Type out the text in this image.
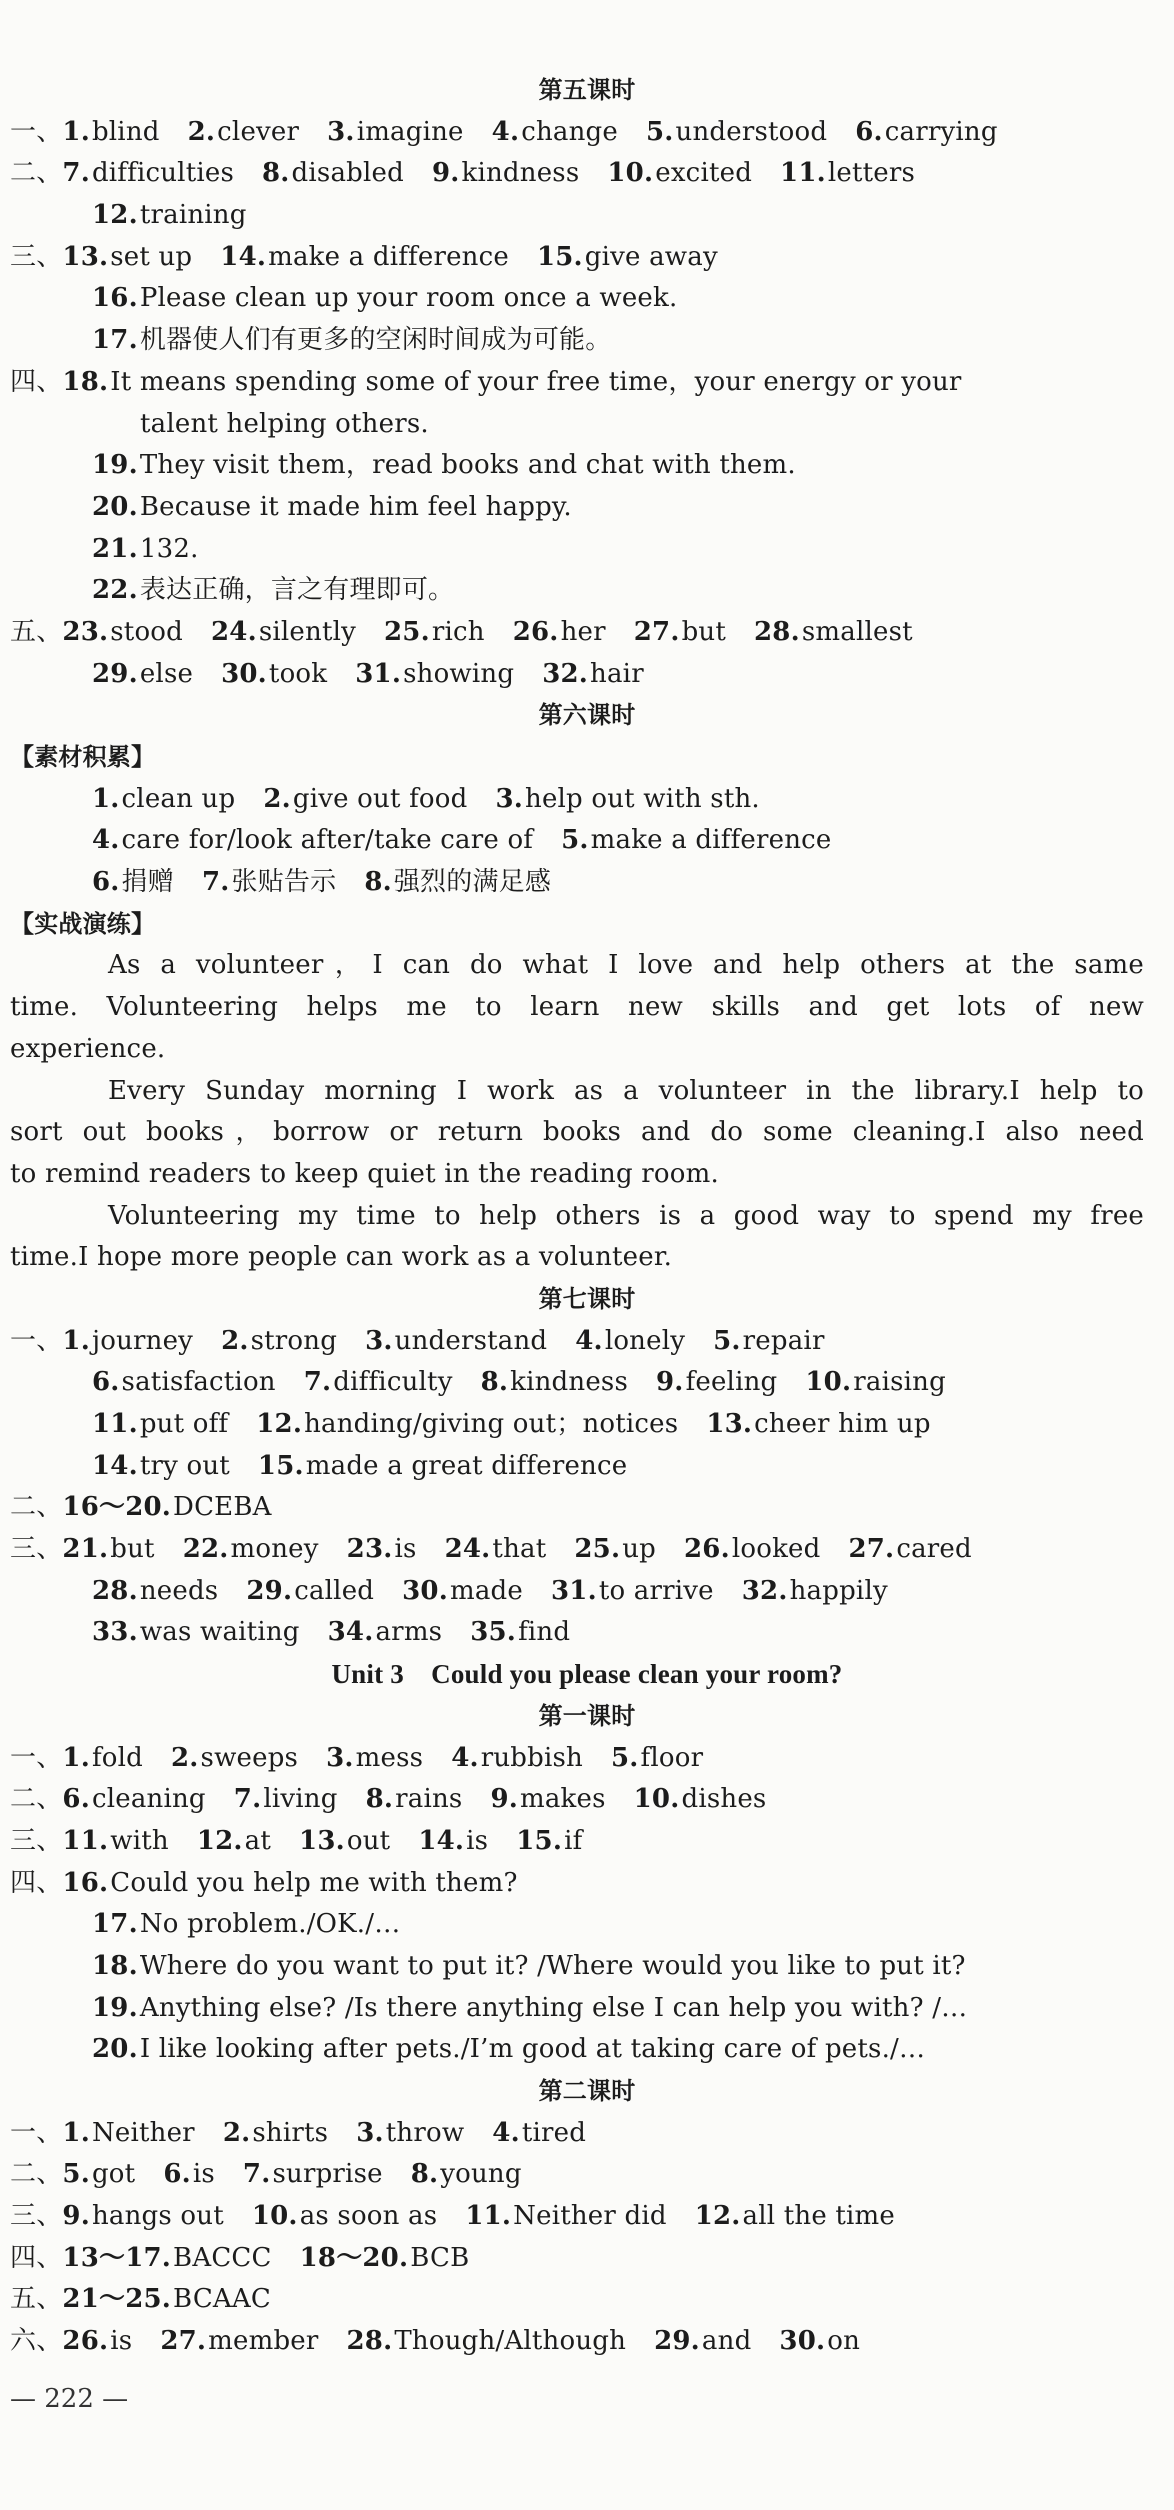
第五课时
一、1.blind 2.clever 3.imagine 4.change 5.understood 6.carrying
二、7.difficulties 8.disabled 9.kindness 10.excited 11.letters
12.training
三、13.set up 14.make a difference 15.give away
16.Please clean up your room once a week.
17.机器使人们有更多的空闲时间成为可能。
四、18.It means spending some of your free time，your energy or your
talent helping others.
19.They visit them，read books and chat with them.
20.Because it made him feel happy.
21.132.
22.表达正确，言之有理即可。
五、23.stood 24.silently 25.rich 26.her 27.but 28.smallest
29.else 30.took 31.showing 32.hair
第六课时
【素材积累】
1.clean up 2.give out food 3.help out with sth.
4.care for/look after/take care of 5.make a difference
6.捐赠 7.张贴告示 8.强烈的满足感
【实战演练】
As a volunteer，I can do what I love and help others at the same
time. Volunteering helps me to learn new skills and get lots of new
experience.
Every Sunday morning I work as a volunteer in the library.I help to
sort out books，borrow or return books and do some cleaning.I also need
to remind readers to keep quiet in the reading room.
Volunteering my time to help others is a good way to spend my free
time.I hope more people can work as a volunteer.
第七课时
一、1.journey 2.strong 3.understand 4.lonely 5.repair
6.satisfaction 7.difficulty 8.kindness 9.feeling 10.raising
11.put off 12.handing/giving out；notices 13.cheer him up
14.try out 15.made a great difference
二、16～20.DCEBA
三、21.but 22.money 23.is 24.that 25.up 26.looked 27.cared
28.needs 29.called 30.made 31.to arrive 32.happily
33.was waiting 34.arms 35.find
Unit 3　Could you please clean your room?
第一课时
一、1.fold 2.sweeps 3.mess 4.rubbish 5.floor
二、6.cleaning 7.living 8.rains 9.makes 10.dishes
三、11.with 12.at 13.out 14.is 15.if
四、16.Could you help me with them?
17.No problem./OK./…
18.Where do you want to put it? /Where would you like to put it?
19.Anything else? /Is there anything else I can help you with? /…
20.I like looking after pets./I’m good at taking care of pets./…
第二课时
一、1.Neither 2.shirts 3.throw 4.tired
二、5.got 6.is 7.surprise 8.young
三、9.hangs out 10.as soon as 11.Neither did 12.all the time
四、13～17.BACCC 18～20.BCB
五、21～25.BCAAC
六、26.is 27.member 28.Though/Although 29.and 30.on
— 222 —
